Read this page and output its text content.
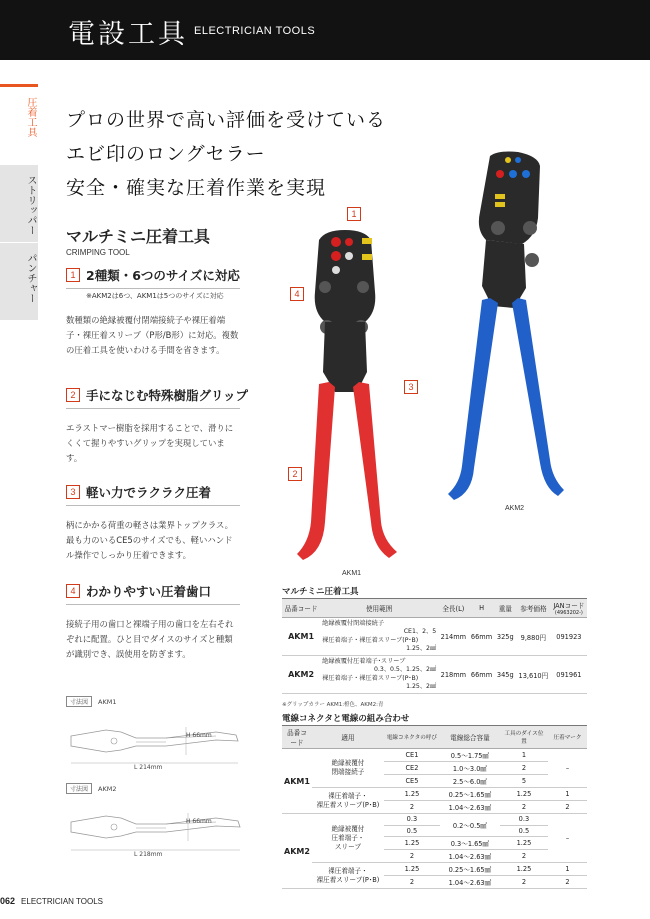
電設工具 ELECTRICIAN TOOLS
圧着工具
ストリッパー
パンチャー
プロの世界で高い評価を受けている
エビ印のロングセラー
安全・確実な圧着作業を実現
マルチミニ圧着工具
CRIMPING TOOL
1 2種類・6つのサイズに対応
※AKM2は6つ、AKM1は5つのサイズに対応
数種類の絶縁被覆付閉端接続子や裸圧着端子・裸圧着スリーブ（P形/B形）に対応。複数の圧着工具を使いわける手間を省きます。
2 手になじむ特殊樹脂グリップ
エラストマー樹脂を採用することで、滑りにくくて握りやすいグリップを実現しています。
3 軽い力でラクラク圧着
柄にかかる荷重の軽さは業界トップクラス。最も力のいるCE5のサイズでも、軽いハンドル操作でしっかり圧着できます。
4 わかりやすい圧着歯口
接続子用の歯口と裸端子用の歯口を左右それぞれに配置。ひと目でダイスのサイズと種類が識別でき、誤使用を防ぎます。
寸法図	AKM1
H 66mm
L 214mm
寸法図	AKM2
H 66mm
L 218mm
1
2
3
4
AKM1
AKM2
マルチミニ圧着工具
品番コード	使用範囲	全長(L)	H	重量	参考価格	JANコード
(4963202-)

AKM1	絶縁被覆付閉端接続子
CE1、2、5
裸圧着端子・裸圧着スリーブ(P･B)
1.25、2㎟	214mm	66mm	325g	9,880円	091923
AKM2	絶縁被覆付圧着端子･スリーブ
0.3、0.5、1.25、2㎟
裸圧着端子・裸圧着スリーブ(P･B)
1.25、2㎟	218mm	66mm	345g	13,610円	091961
※グリップカラー AKM1:橙色、AKM2:青
電線コネクタと電線の組み合わせ
品番コード	適用	電線コネクタの呼び	電線総合容量	工具のダイス位置	圧着マーク
AKM1	絶縁被覆付
閉端接続子	CE1	0.5〜1.75㎟	1	–
		CE2	1.0〜3.0㎟	2	
		CE5	2.5〜6.0㎟	5	

	裸圧着端子・
裸圧着スリーブ(P･B)	1.25	0.25〜1.65㎟	1.25	1
		2	1.04〜2.63㎟	2	2
AKM2	絶縁被覆付
圧着端子・
スリーブ	0.3	0.2〜0.5㎟	0.3	–
		0.5		0.5	
		1.25	0.3〜1.65㎟	1.25	
		2	1.04〜2.63㎟	2	

	裸圧着端子・
裸圧着スリーブ(P･B)	1.25	0.25〜1.65㎟	1.25	1
		2	1.04〜2.63㎟	2	2
062 ELECTRICIAN TOOLS
